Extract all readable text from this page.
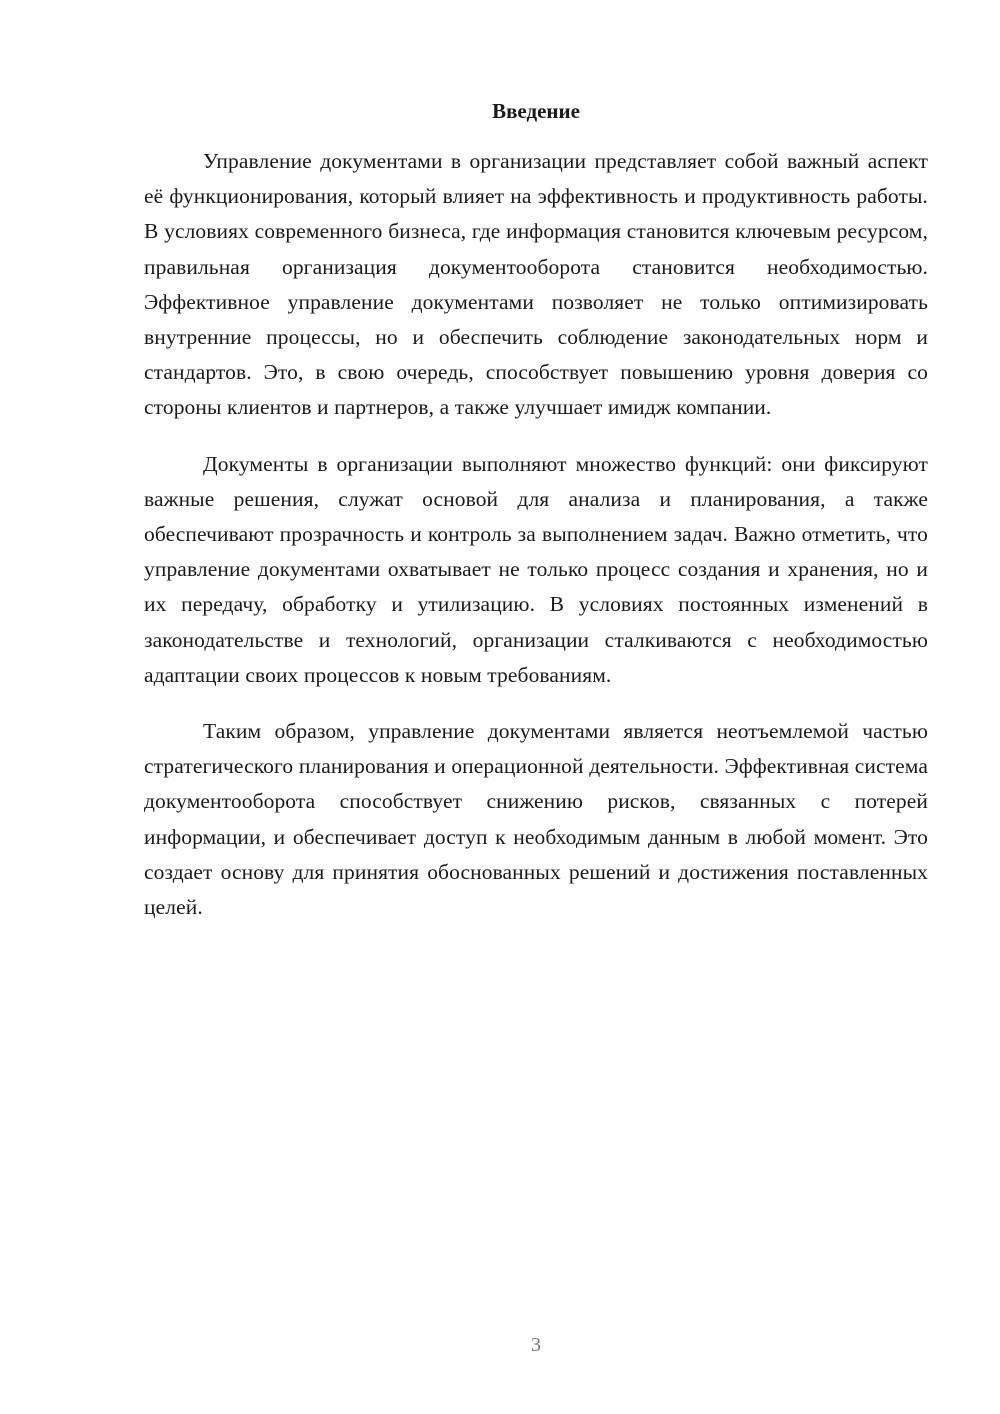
Введение

Управление документами в организации представляет собой важный аспект её функционирования, который влияет на эффективность и продуктивность работы. В условиях современного бизнеса, где информация становится ключевым ресурсом, правильная организация документооборота становится необходимостью. Эффективное управление документами позволяет не только оптимизировать внутренние процессы, но и обеспечить соблюдение законодательных норм и стандартов. Это, в свою очередь, способствует повышению уровня доверия со стороны клиентов и партнеров, а также улучшает имидж компании.

Документы в организации выполняют множество функций: они фиксируют важные решения, служат основой для анализа и планирования, а также обеспечивают прозрачность и контроль за выполнением задач. Важно отметить, что управление документами охватывает не только процесс создания и хранения, но и их передачу, обработку и утилизацию. В условиях постоянных изменений в законодательстве и технологий, организации сталкиваются с необходимостью адаптации своих процессов к новым требованиям.

Таким образом, управление документами является неотъемлемой частью стратегического планирования и операционной деятельности. Эффективная система документооборота способствует снижению рисков, связанных с потерей информации, и обеспечивает доступ к необходимым данным в любой момент. Это создает основу для принятия обоснованных решений и достижения поставленных целей.

3
